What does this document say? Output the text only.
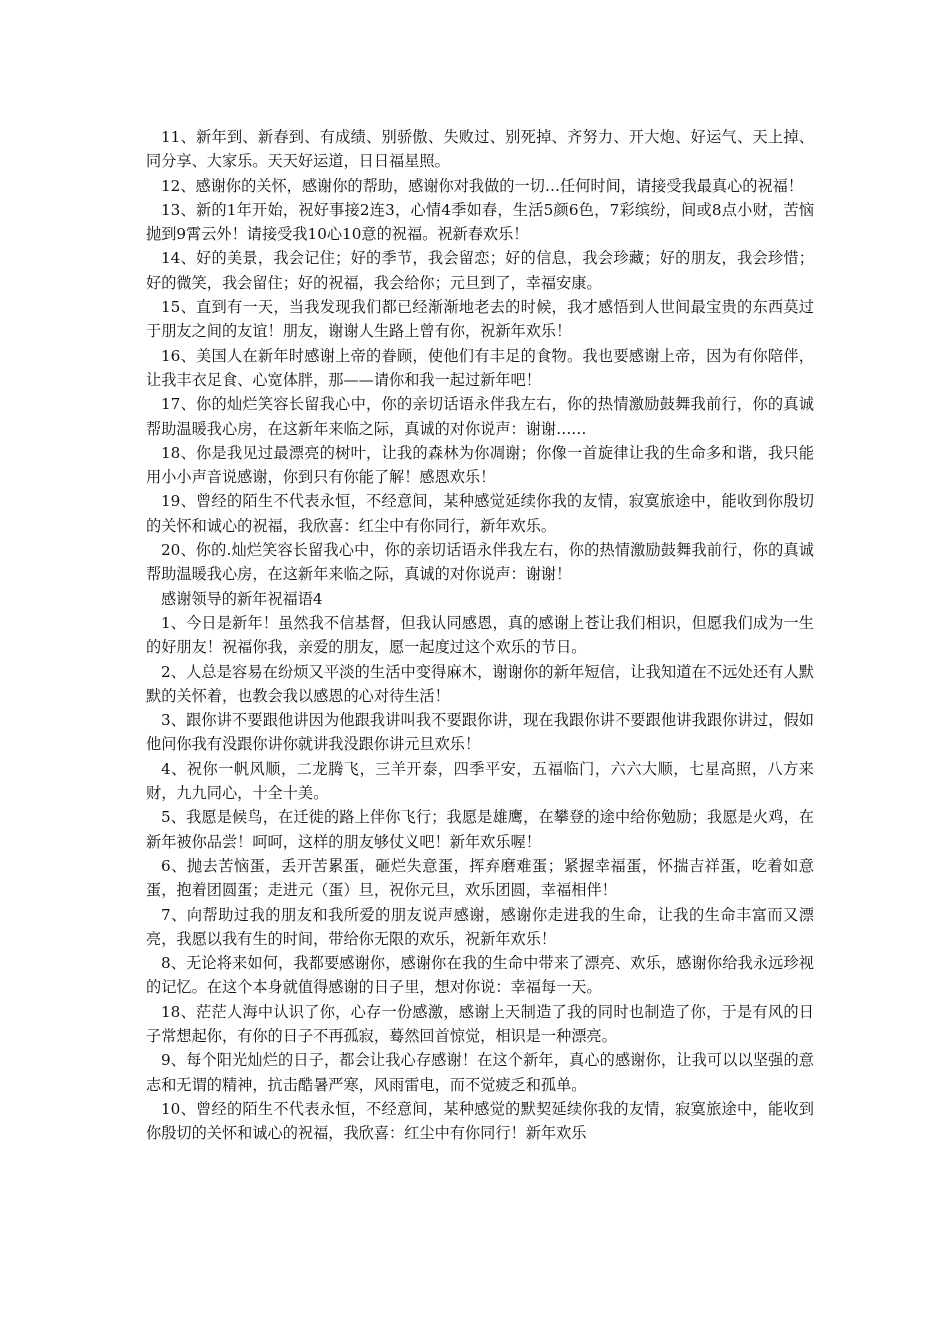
11、新年到、新春到、有成绩、别骄傲、失败过、别死掉、齐努力、开大炮、好运气、天上掉、同分享、大家乐。天天好运道，日日福星照。

12、感谢你的关怀，感谢你的帮助，感谢你对我做的一切…任何时间，请接受我最真心的祝福！

13、新的1年开始，祝好事接2连3，心情4季如春，生活5颜6色，7彩缤纷，间或8点小财，苦恼抛到9霄云外！请接受我10心10意的祝福。祝新春欢乐！

14、好的美景，我会记住；好的季节，我会留恋；好的信息，我会珍藏；好的朋友，我会珍惜；好的微笑，我会留住；好的祝福，我会给你；元旦到了，幸福安康。

15、直到有一天，当我发现我们都已经渐渐地老去的时候，我才感悟到人世间最宝贵的东西莫过于朋友之间的友谊！朋友，谢谢人生路上曾有你，祝新年欢乐！

16、美国人在新年时感谢上帝的眷顾，使他们有丰足的食物。我也要感谢上帝，因为有你陪伴，让我丰衣足食、心宽体胖，那——请你和我一起过新年吧！

17、你的灿烂笑容长留我心中，你的亲切话语永伴我左右，你的热情激励鼓舞我前行，你的真诚帮助温暖我心房，在这新年来临之际，真诚的对你说声：谢谢……

18、你是我见过最漂亮的树叶，让我的森林为你凋谢；你像一首旋律让我的生命多和谐，我只能用小小声音说感谢，你到只有你能了解！感恩欢乐！

19、曾经的陌生不代表永恒，不经意间，某种感觉延续你我的友情，寂寞旅途中，能收到你殷切的关怀和诚心的祝福，我欣喜：红尘中有你同行，新年欢乐。

20、你的.灿烂笑容长留我心中，你的亲切话语永伴我左右，你的热情激励鼓舞我前行，你的真诚帮助温暖我心房，在这新年来临之际，真诚的对你说声：谢谢！

感谢领导的新年祝福语4

1、今日是新年！虽然我不信基督，但我认同感恩，真的感谢上苍让我们相识，但愿我们成为一生的好朋友！祝福你我，亲爱的朋友，愿一起度过这个欢乐的节日。

2、人总是容易在纷烦又平淡的生活中变得麻木，谢谢你的新年短信，让我知道在不远处还有人默默的关怀着，也教会我以感恩的心对待生活！

3、跟你讲不要跟他讲因为他跟我讲叫我不要跟你讲，现在我跟你讲不要跟他讲我跟你讲过，假如他问你我有没跟你讲你就讲我没跟你讲元旦欢乐！

4、祝你一帆风顺，二龙腾飞，三羊开泰，四季平安，五福临门，六六大顺，七星高照，八方来财，九九同心，十全十美。

5、我愿是候鸟，在迁徙的路上伴你飞行；我愿是雄鹰，在攀登的途中给你勉励；我愿是火鸡，在新年被你品尝！呵呵，这样的朋友够仗义吧！新年欢乐喔！

6、抛去苦恼蛋，丢开苦累蛋，砸烂失意蛋，挥弃磨难蛋；紧握幸福蛋，怀揣吉祥蛋，吃着如意蛋，抱着团圆蛋；走进元（蛋）旦，祝你元旦，欢乐团圆，幸福相伴！

7、向帮助过我的朋友和我所爱的朋友说声感谢，感谢你走进我的生命，让我的生命丰富而又漂亮，我愿以我有生的时间，带给你无限的欢乐，祝新年欢乐！

8、无论将来如何，我都要感谢你，感谢你在我的生命中带来了漂亮、欢乐，感谢你给我永远珍视的记忆。在这个本身就值得感谢的日子里，想对你说：幸福每一天。

18、茫茫人海中认识了你，心存一份感激，感谢上天制造了我的同时也制造了你，于是有风的日子常想起你，有你的日子不再孤寂，蓦然回首惊觉，相识是一种漂亮。

9、每个阳光灿烂的日子，都会让我心存感谢！在这个新年，真心的感谢你，让我可以以坚强的意志和无谓的精神，抗击酷暑严寒，风雨雷电，而不觉疲乏和孤单。

10、曾经的陌生不代表永恒，不经意间，某种感觉的默契延续你我的友情，寂寞旅途中，能收到你殷切的关怀和诚心的祝福，我欣喜：红尘中有你同行！新年欢乐
